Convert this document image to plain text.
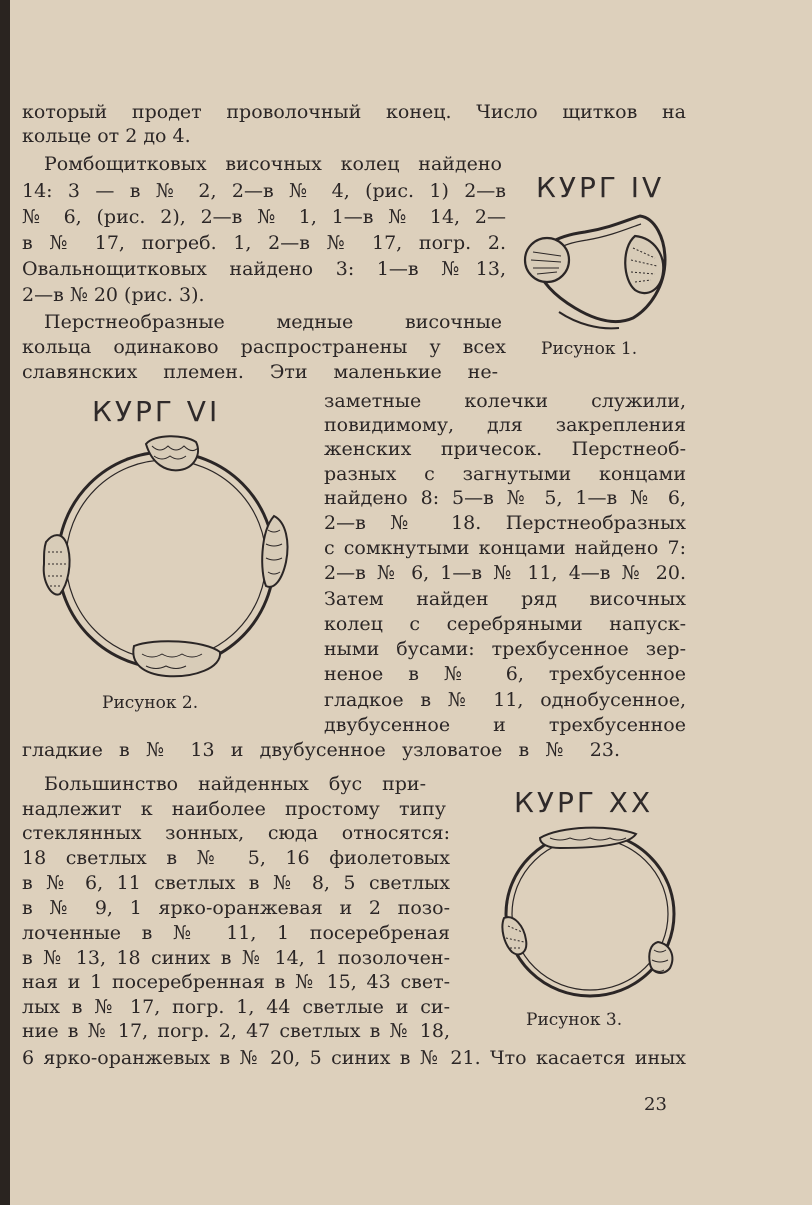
который продет проволочный конец. Число щитков на
кольце от 2 до 4.
Ромбощитковых височных колец найдено
14: 3 — в № 2, 2—в № 4, (рис. 1) 2—в
№ 6, (рис. 2), 2—в № 1, 1—в № 14, 2—
в № 17, погреб. 1, 2—в № 17, погр. 2.
Овальнощитковых найдено 3: 1—в №13,
2—в № 20 (рис. 3).
Перстнеобразные медные височные
кольца одинаково распространены у всех
славянских племен. Эти маленькие не-
заметные колечки служили,
повидимому, для закрепления
женских причесок. Перстнеоб-
разных с загнутыми концами
найдено 8: 5—в № 5, 1—в № 6,
2—в № 18. Перстнеобразных
с сомкнутыми концами найдено 7:
2—в № 6, 1—в № 11, 4—в № 20.
Затем найден ряд височных
колец с серебряными напуск-
ными бусами: трехбусенное зер-
неное в № 6, трехбусенное
гладкое в № 11, однобусенное,
двубусенное и трехбусенное
гладкие в № 13 и двубусенное узловатое в № 23.
Большинство найденных бус при-
надлежит к наиболее простому типу
стеклянных зонных, сюда относятся:
18 светлых в № 5, 16 фиолетовых
в № 6, 11 светлых в № 8, 5 светлых
в № 9, 1 ярко-оранжевая и 2 позо-
лоченные в № 11, 1 посеребреная
в № 13, 18 синих в № 14, 1 позолочен-
ная и 1 посеребренная в № 15, 43 свет-
лых в № 17, погр. 1, 44 светлые и си-
ние в № 17, погр. 2, 47 светлых в № 18,
6 ярко-оранжевых в № 20, 5 синих в № 21. Что касается иных
КУРГ IV
Рисунок 1.
КУРГ VI
Рисунок 2.
КУРГ XX
Рисунок 3.
23
